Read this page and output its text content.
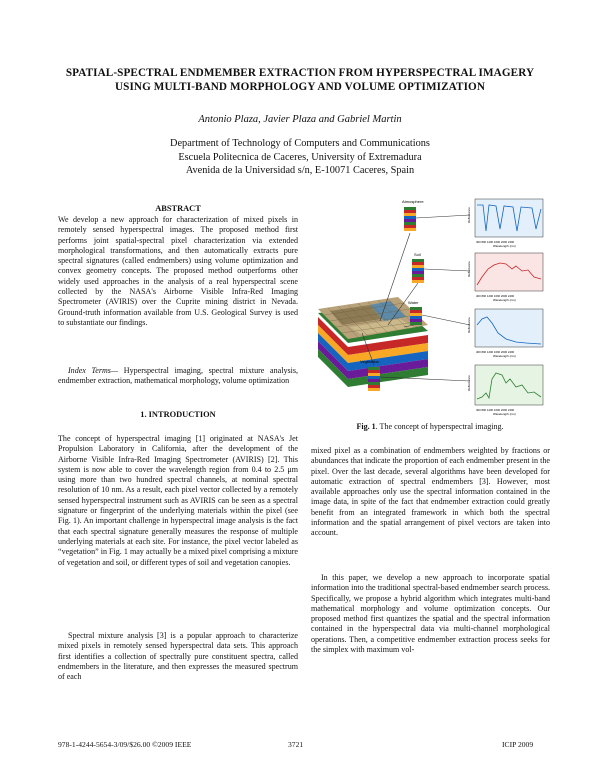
SPATIAL-SPECTRAL ENDMEMBER EXTRACTION FROM HYPERSPECTRAL IMAGERY
USING MULTI-BAND MORPHOLOGY AND VOLUME OPTIMIZATION
Antonio Plaza, Javier Plaza and Gabriel Martin
Department of Technology of Computers and Communications
Escuela Politecnica de Caceres, University of Extremadura
Avenida de la Universidad s/n, E-10071 Caceres, Spain
ABSTRACT

We develop a new approach for characterization of mixed pixels in remotely sensed hyperspectral images. The proposed method first performs joint spatial-spectral pixel characterization via extended morphological transformations, and then automatically extracts pure spectral signatures (called endmembers) using volume optimization and convex geometry concepts. The proposed method outperforms other widely used approaches in the analysis of a real hyperspectral scene collected by the NASA's Airborne Visible Infra-Red Imaging Spectrometer (AVIRIS) over the Cuprite mining district in Nevada. Ground-truth information available from U.S. Geological Survey is used to substantiate our findings.

Index Terms— Hyperspectral imaging, spectral mixture analysis, endmember extraction, mathematical morphology, volume optimization

1. INTRODUCTION

The concept of hyperspectral imaging [1] originated at NASA's Jet Propulsion Laboratory in California, after the development of the Airborne Visible Infra-Red Imaging Spectrometer (AVIRIS) [2]. This system is now able to cover the wavelength region from 0.4 to 2.5 μm using more than two hundred spectral channels, at nominal spectral resolution of 10 nm. As a result, each pixel vector collected by a remotely sensed hyperspectral instrument such as AVIRIS can be seen as a spectral signature or fingerprint of the underlying materials within the pixel (see Fig. 1). An important challenge in hyperspectral image analysis is the fact that each spectral signature generally measures the response of multiple underlying materials at each site. For instance, the pixel vector labeled as “vegetation” in Fig. 1 may actually be a mixed pixel comprising a mixture of vegetation and soil, or different types of soil and vegetation canopies.

Spectral mixture analysis [3] is a popular approach to characterize mixed pixels in remotely sensed hyperspectral data sets. This approach first identifies a collection of spectrally pure constituent spectra, called endmembers in the literature, and then expresses the measured spectrum of each

Atmosphere
Soil
Water
Vegetation
400 800 1200 1600 2000 2400
Wavelength (nm)
Reflectance
400 800 1200 1600 2000 2400
Wavelength (nm)
Reflectance
400 800 1200 1600 2000 2400
Wavelength (nm)
Reflectance
400 800 1200 1600 2000 2400
Wavelength (nm)
Reflectance
Fig. 1. The concept of hyperspectral imaging.

mixed pixel as a combination of endmembers weighted by fractions or abundances that indicate the proportion of each endmember present in the pixel. Over the last decade, several algorithms have been developed for automatic extraction of spectral endmembers [3]. However, most available approaches only use the spectral information contained in the image data, in spite of the fact that endmember extraction could greatly benefit from an integrated framework in which both the spectral information and the spatial arrangement of pixel vectors are taken into account.

In this paper, we develop a new approach to incorporate spatial information into the traditional spectral-based endmember search process. Specifically, we propose a hybrid algorithm which integrates multi-band mathematical morphology and volume optimization concepts. Our proposed method first quantizes the spatial and the spectral information contained in the hyperspectral data via multi-channel morphological operations. Then, a competitive endmember extraction process seeks for the simplex with maximum vol-

978-1-4244-5654-3/09/$26.00 ©2009 IEEE	3721	ICIP 2009
